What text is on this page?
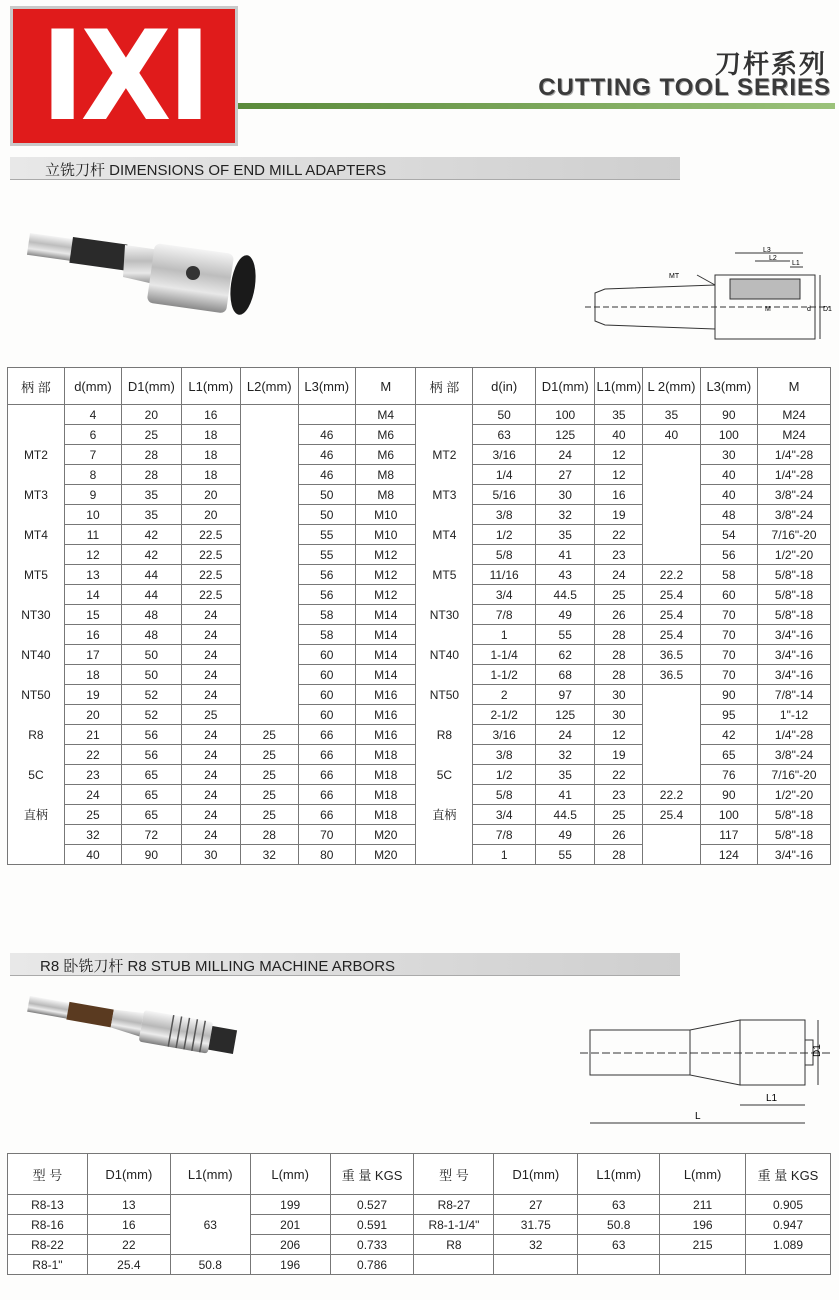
IXI	刀杆系列
CUTTING TOOL SERIES
立铣刀杆 DIMENSIONS OF END MILL ADAPTERS
MT
L3
L2
L1
M	d D1
柄 部	d(mm)	D1(mm)	L1(mm)	L2(mm)	L3(mm)	M	柄 部	d(in)	D1(mm)	L1(mm)	L 2(mm)	L3(mm)	M
	4	20	16			M4		50	100	35	35	90	M24
	6	25	18		46	M6		63	125	40	40	100	M24
MT2	7	28	18		46	M6	MT2	3/16	24	12		30	1/4"-28
	8	28	18		46	M8		1/4	27	12		40	1/4"-28
MT3	9	35	20		50	M8	MT3	5/16	30	16		40	3/8"-24
	10	35	20		50	M10		3/8	32	19		48	3/8"-24
MT4	11	42	22.5		55	M10	MT4	1/2	35	22		54	7/16"-20
	12	42	22.5		55	M12		5/8	41	23		56	1/2"-20
MT5	13	44	22.5		56	M12	MT5	11/16	43	24	22.2	58	5/8"-18
	14	44	22.5		56	M12		3/4	44.5	25	25.4	60	5/8"-18
NT30	15	48	24		58	M14	NT30	7/8	49	26	25.4	70	5/8"-18
	16	48	24		58	M14		1	55	28	25.4	70	3/4"-16
NT40	17	50	24		60	M14	NT40	1-1/4	62	28	36.5	70	3/4"-16
	18	50	24		60	M14		1-1/2	68	28	36.5	70	3/4"-16
NT50	19	52	24		60	M16	NT50	2	97	30		90	7/8"-14
	20	52	25		60	M16		2-1/2	125	30		95	1"-12
R8	21	56	24	25	66	M16	R8	3/16	24	12		42	1/4"-28
	22	56	24	25	66	M18		3/8	32	19		65	3/8"-24
5C	23	65	24	25	66	M18	5C	1/2	35	22		76	7/16"-20
	24	65	24	25	66	M18		5/8	41	23	22.2	90	1/2"-20
直柄	25	65	24	25	66	M18	直柄	3/4	44.5	25	25.4	100	5/8"-18
	32	72	24	28	70	M20		7/8	49	26		117	5/8"-18
	40	90	30	32	80	M20		1	55	28		124	3/4"-16
R8 卧铣刀杆 R8 STUB MILLING MACHINE ARBORS
D1
L1
L
型 号	D1(mm)	L1(mm)	L(mm)	重 量 KGS	型 号	D1(mm)	L1(mm)	L(mm)	重 量 KGS
R8-13	13		199	0.527	R8-27	27	63	211	0.905
R8-16	16	63	201	0.591	R8-1-1/4"	31.75	50.8	196	0.947
R8-22	22		206	0.733	R8	32	63	215	1.089
R8-1"	25.4	50.8	196	0.786					
